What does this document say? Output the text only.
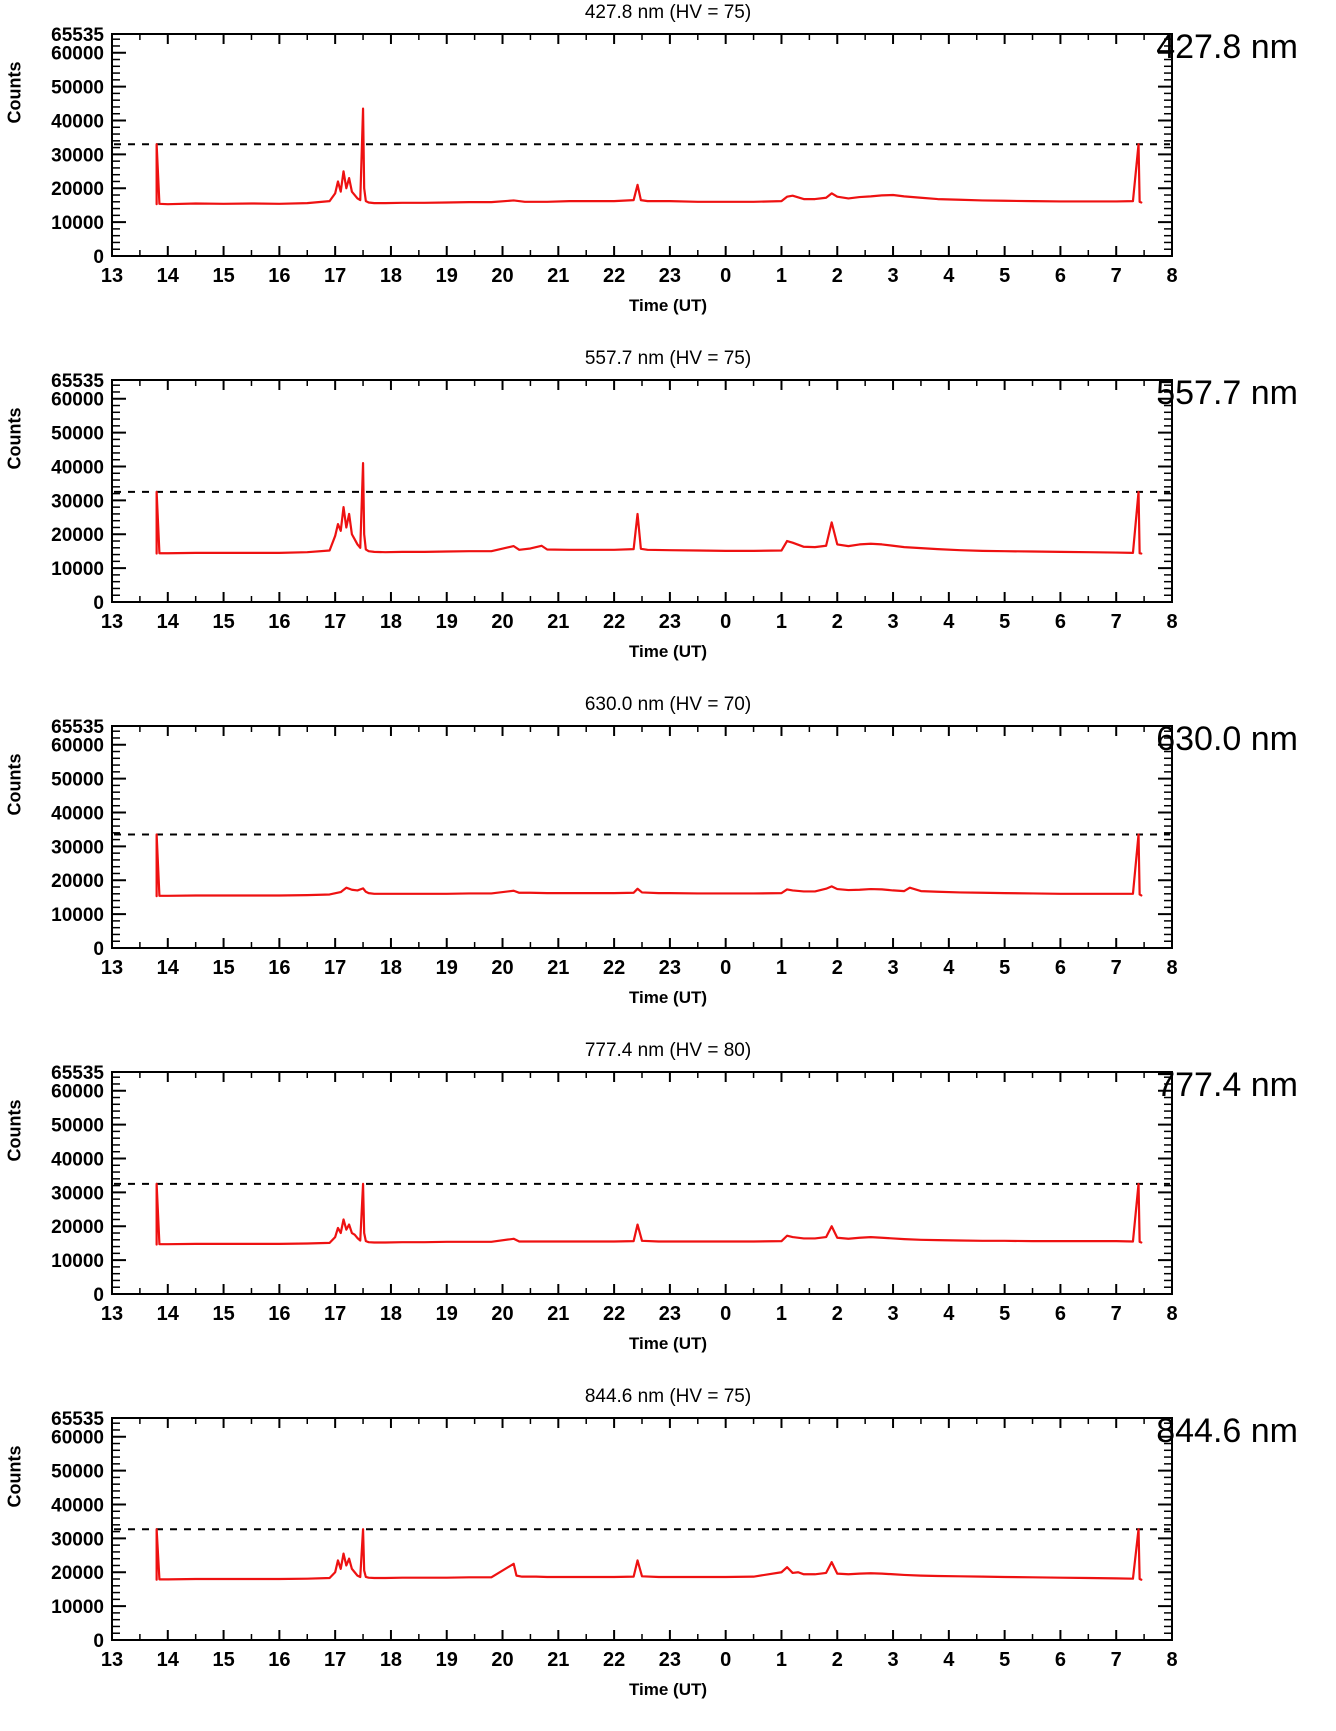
427.8 nm (HV = 75)
Counts
Time (UT)
13 14 15 16 17 18 19 20 21 22 23 0 1 2 3 4 5 6 7 8
0
10000
20000
30000
40000
50000
60000
65535	427.8 nm
557.7 nm (HV = 75)
Counts
Time (UT)
13 14 15 16 17 18 19 20 21 22 23 0 1 2 3 4 5 6 7 8
0
10000
20000
30000
40000
50000
60000
65535	557.7 nm
630.0 nm (HV = 70)
Counts
Time (UT)
13 14 15 16 17 18 19 20 21 22 23 0 1 2 3 4 5 6 7 8
0
10000
20000
30000
40000
50000
60000
65535	630.0 nm
777.4 nm (HV = 80)
Counts
Time (UT)
13 14 15 16 17 18 19 20 21 22 23 0 1 2 3 4 5 6 7 8
0
10000
20000
30000
40000
50000
60000
65535	777.4 nm
844.6 nm (HV = 75)
Counts
Time (UT)
13 14 15 16 17 18 19 20 21 22 23 0 1 2 3 4 5 6 7 8
0
10000
20000
30000
40000
50000
60000
65535	844.6 nm
